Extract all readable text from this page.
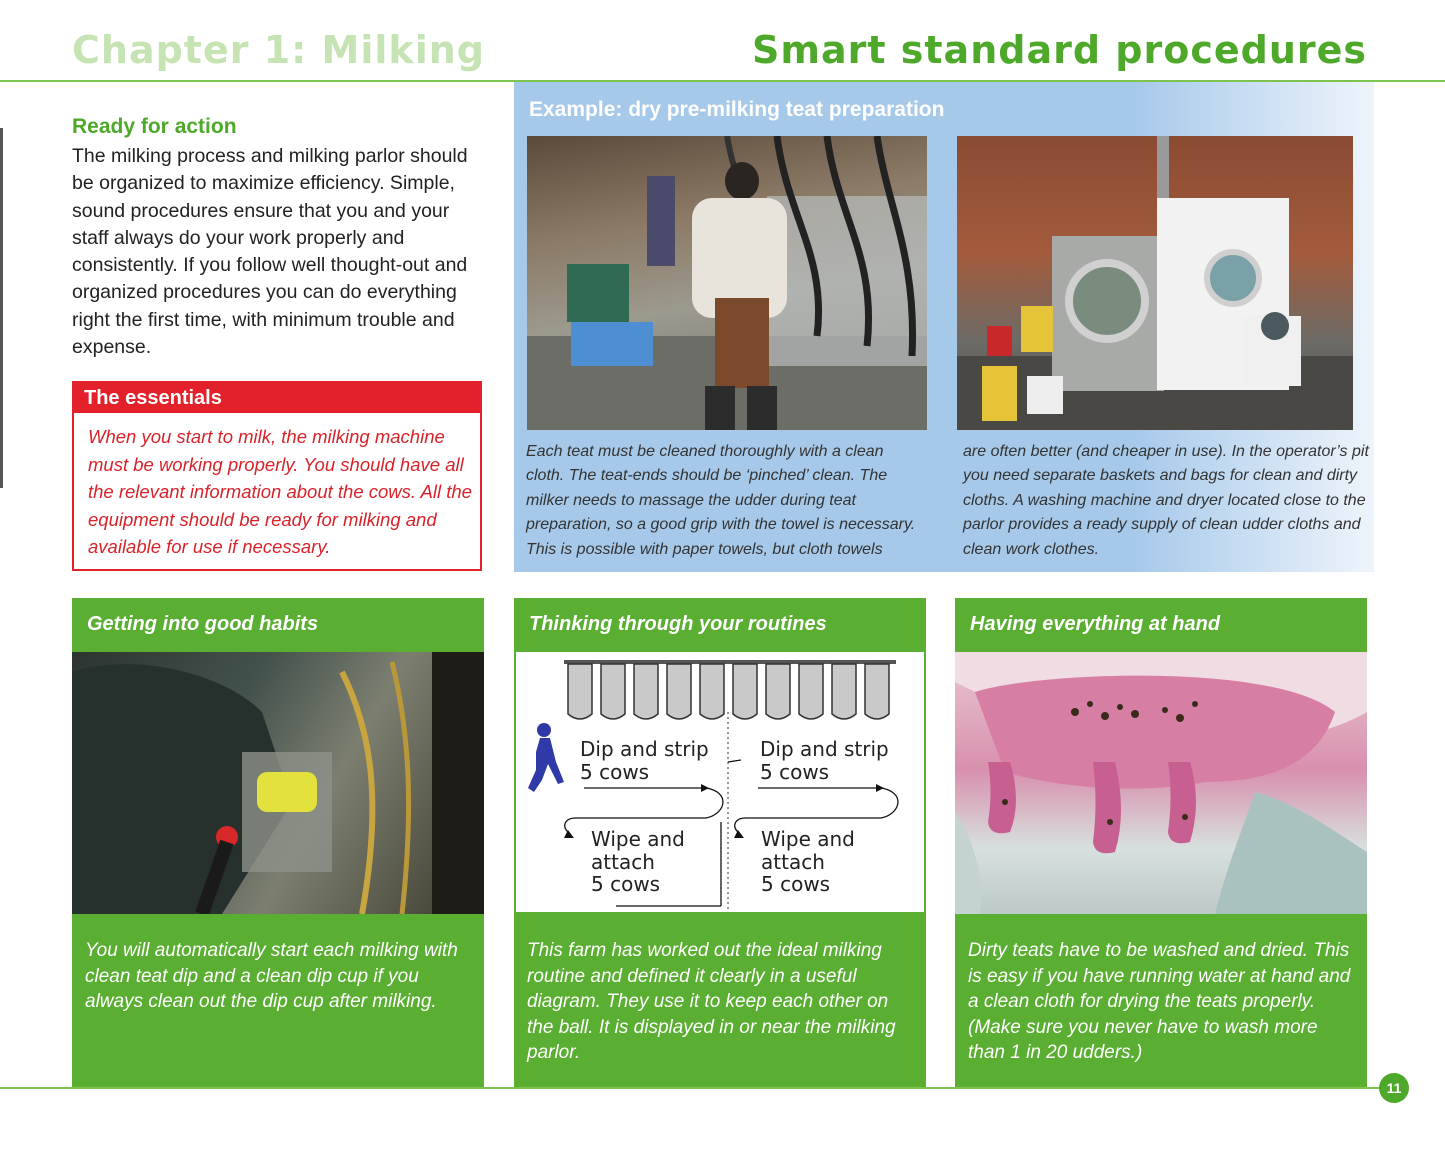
Chapter 1: Milking	Smart standard procedures
Ready for action
The milking process and milking parlor should be organized to maximize efficiency. Simple, sound procedures ensure that you and your staff always do your work properly and consistently. If you follow well thought-out and organized procedures you can do everything right the first time, with minimum trouble and expense.
The essentials
When you start to milk, the milking machine must be working properly. You should have all the relevant information about the cows. All the equipment should be ready for milking and available for use if necessary.
Example: dry pre-milking teat preparation
Each teat must be cleaned thoroughly with a clean cloth. The teat-ends should be ‘pinched’ clean. The milker needs to massage the udder during teat preparation, so a good grip with the towel is necessary. This is possible with paper towels, but cloth towels
are often better (and cheaper in use). In the operator’s pit you need separate baskets and bags for clean and dirty cloths. A washing machine and dryer located close to the parlor provides a ready supply of clean udder cloths and clean work clothes.
Getting into good habits
You will automatically start each milking with clean teat dip and a clean dip cup if you always clean out the dip cup after milking.
Thinking through your routines
Dip and strip
5 cows
Dip and strip
5 cows
Wipe and
attach
5 cows
Wipe and
attach
5 cows
This farm has worked out the ideal milking routine and defined it clearly in a useful diagram. They use it to keep each other on the ball. It is displayed in or near the milking parlor.
Having everything at hand
Dirty teats have to be washed and dried. This is easy if you have running water at hand and a clean cloth for drying the teats properly. (Make sure you never have to wash more than 1 in 20 udders.)
11
